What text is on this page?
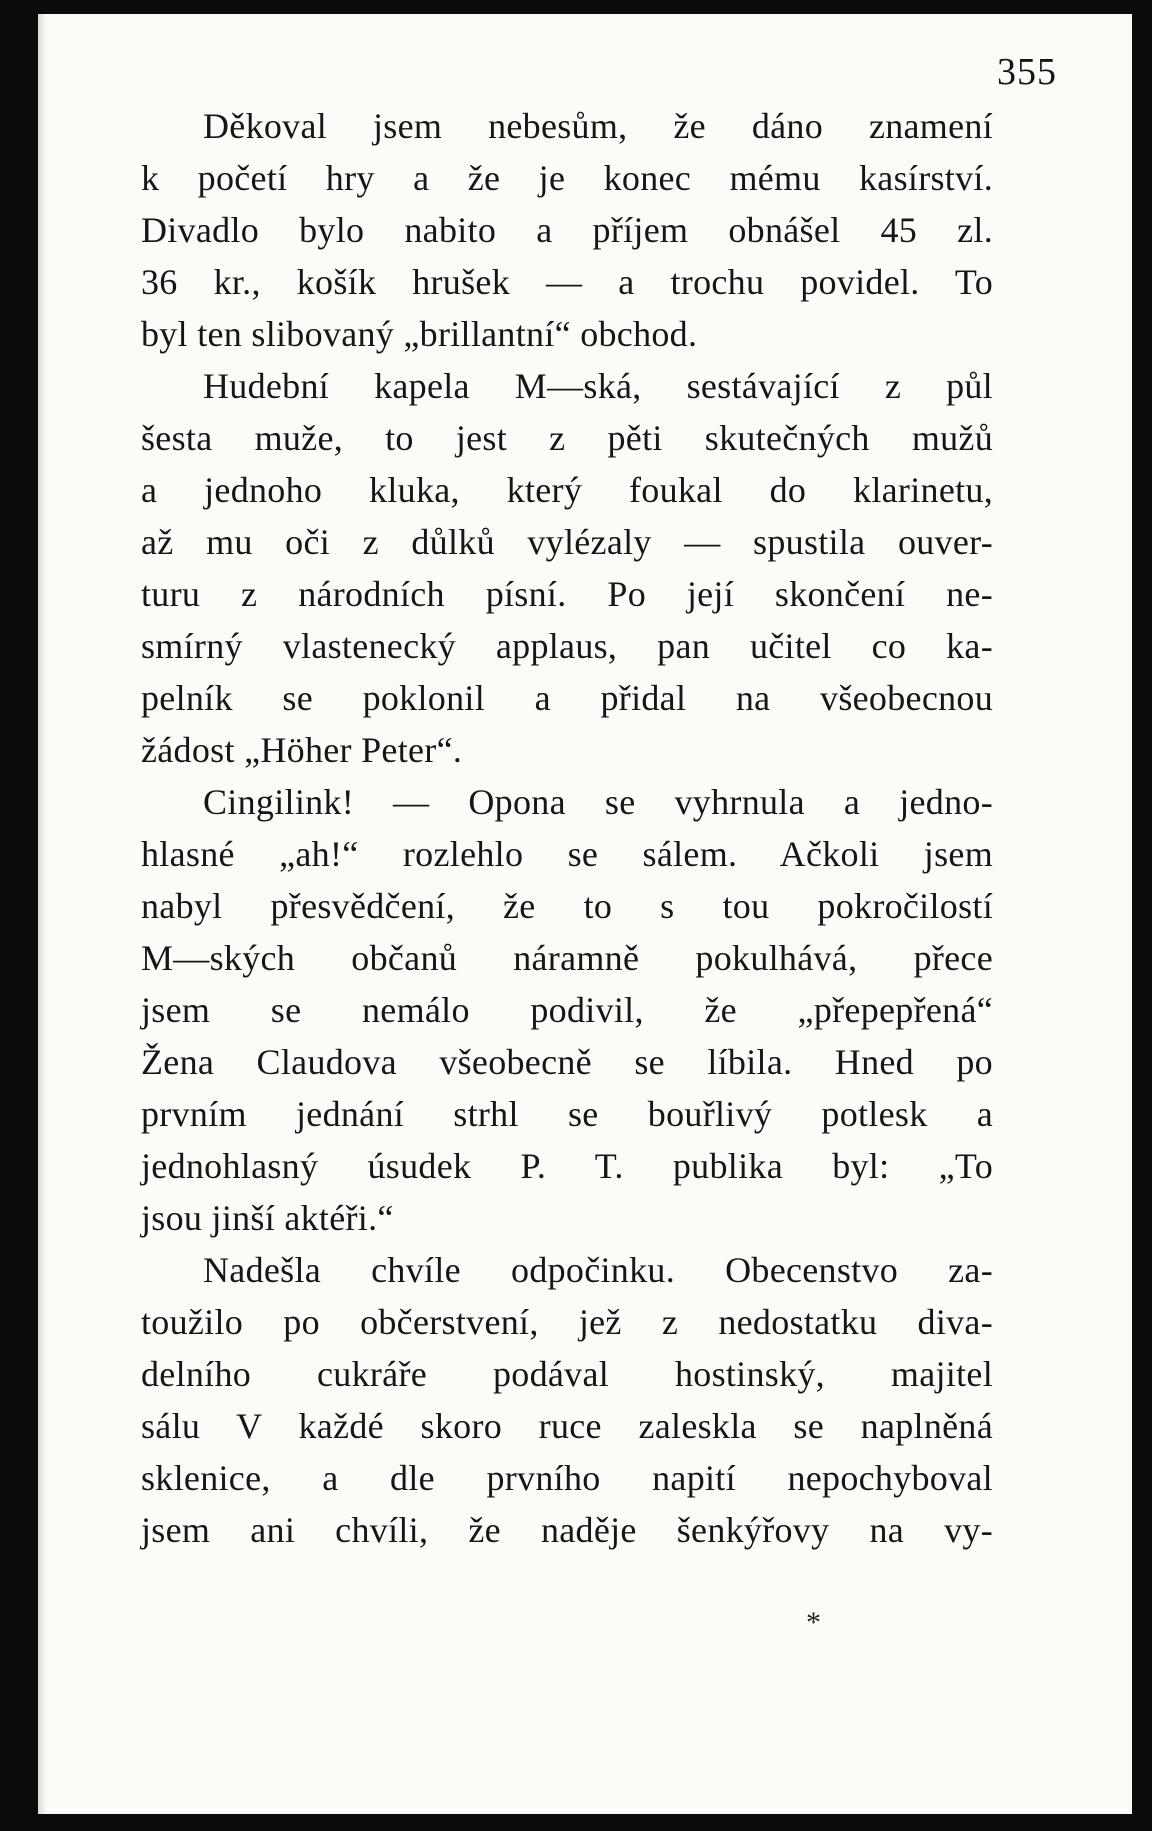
355
Děkoval jsem nebesům, že dáno znamení
k početí hry a že je konec mému kasírství.
Divadlo bylo nabito a příjem obnášel 45 zl.
36 kr., košík hrušek — a trochu povidel. To
byl ten slibovaný „brillantní“ obchod.
Hudební kapela M—ská, sestávající z půl
šesta muže, to jest z pěti skutečných mužů
a jednoho kluka, který foukal do klarinetu,
až mu oči z důlků vylézaly — spustila ouver-
turu z národních písní. Po její skončení ne-
smírný vlastenecký applaus, pan učitel co ka-
pelník se poklonil a přidal na všeobecnou
žádost „Höher Peter“.
Cingilink! — Opona se vyhrnula a jedno-
hlasné „ah!“ rozlehlo se sálem. Ačkoli jsem
nabyl přesvědčení, že to s tou pokročilostí
M—ských občanů náramně pokulhává, přece
jsem se nemálo podivil, že „přepepřená“
Žena Claudova všeobecně se líbila. Hned po
prvním jednání strhl se bouřlivý potlesk a
jednohlasný úsudek P. T. publika byl: „To
jsou jinší aktéři.“
Nadešla chvíle odpočinku. Obecenstvo za-
toužilo po občerstvení, jež z nedostatku diva-
delního cukráře podával hostinský, majitel
sálu V každé skoro ruce zaleskla se naplněná
sklenice, a dle prvního napití nepochyboval
jsem ani chvíli, že naděje šenkýřovy na vy-
*
